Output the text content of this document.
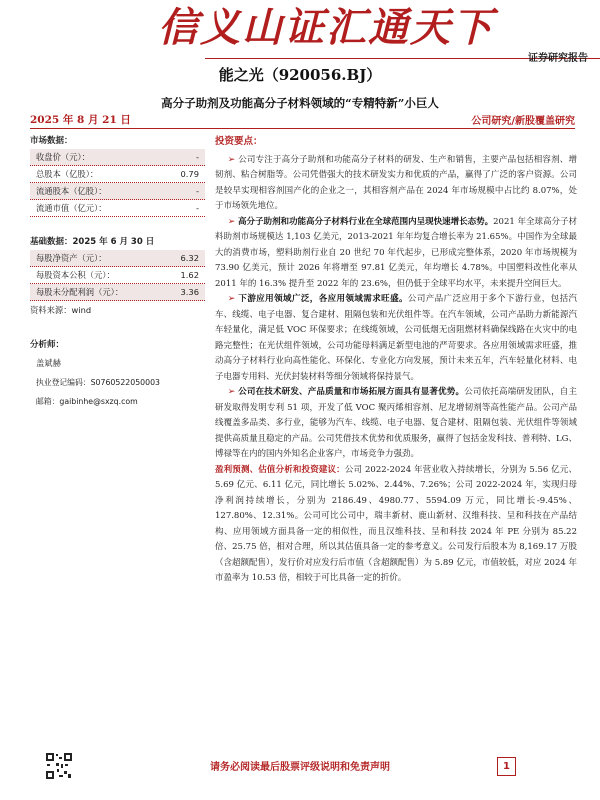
信义山证汇通天下
证券研究报告
能之光（920056.BJ）
高分子助剂及功能高分子材料领域的“专精特新”小巨人
2025 年 8 月 21 日	公司研究/新股覆盖研究
市场数据：
收盘价（元）：	-
总股本（亿股）：	0.79
流通股本（亿股）：	-
流通市值（亿元）：	-
基础数据：2025 年 6 月 30 日
每股净资产（元）：	6.32
每股资本公积（元）：	1.62
每股未分配利润（元）：	3.36
资料来源：wind
分析师：
盖斌赫
执业登记编码：S0760522050003
邮箱：gaibinhe@sxzq.com
投资要点：

➢ 公司专注于高分子助剂和功能高分子材料的研发、生产和销售，主要产品包括相容剂、增韧剂、粘合树脂等。公司凭借强大的技术研发实力和优质的产品，赢得了广泛的客户资源。公司是较早实现相容剂国产化的企业之一，其相容剂产品在 2024 年市场规模中占比约 8.07%，处于市场领先地位。

➢ 高分子助剂和功能高分子材料行业在全球范围内呈现快速增长态势。2021 年全球高分子材料助剂市场规模达 1,103 亿美元，2013-2021 年年均复合增长率为 21.65%。中国作为全球最大的消费市场，塑料助剂行业自 20 世纪 70 年代起步，已形成完整体系，2020 年市场规模为 73.90 亿美元，预计 2026 年将增至 97.81 亿美元，年均增长 4.78%。中国塑料改性化率从 2011 年的 16.3% 提升至 2022 年的 23.6%，但仍低于全球平均水平，未来提升空间巨大。

➢ 下游应用领域广泛，各应用领域需求旺盛。公司产品广泛应用于多个下游行业，包括汽车、线缆、电子电器、复合建材、阻隔包装和光伏组件等。在汽车领域，公司产品助力新能源汽车轻量化，满足低 VOC 环保要求；在线缆领域，公司低烟无卤阻燃材料确保线路在火灾中的电路完整性；在光伏组件领域，公司功能母料满足新型电池的严苛要求。各应用领域需求旺盛，推动高分子材料行业向高性能化、环保化、专业化方向发展，预计未来五年，汽车轻量化材料、电子电器专用料、光伏封装材料等细分领域将保持景气。

➢ 公司在技术研发、产品质量和市场拓展方面具有显著优势。公司依托高端研发团队，自主研发取得发明专利 51 项，开发了低 VOC 聚丙烯相容剂、尼龙增韧剂等高性能产品。公司产品线覆盖多品类、多行业，能够为汽车、线缆、电子电器、复合建材、阻隔包装、光伏组件等领域提供高质量且稳定的产品。公司凭借技术优势和优质服务，赢得了包括金发科技、普利特、LG、博禄等在内的国内外知名企业客户，市场竞争力强劲。

盈利预测、估值分析和投资建议：公司 2022-2024 年营业收入持续增长，分别为 5.56 亿元、5.69 亿元、6.11 亿元，同比增长 5.02%、2.44%、7.26%；公司 2022-2024 年，实现归母净利润持续增长，分别为 2186.49、4980.77、5594.09 万元，同比增长-9.45%、127.80%、12.31%。公司可比公司中，瑞丰新材、鹿山新材、汉维科技、呈和科技在产品结构、应用领域方面具备一定的相似性，而且汉维科技、呈和科技 2024 年 PE 分别为 85.22 倍、25.75 倍，相对合理，所以其估值具备一定的参考意义。公司发行后股本为 8,169.17 万股（含超额配售），发行价对应发行后市值（含超额配售）为 5.89 亿元，市值较低，对应 2024 年市盈率为 10.53 倍，相较于可比具备一定的折价。

请务必阅读最后股票评级说明和免责声明	1
